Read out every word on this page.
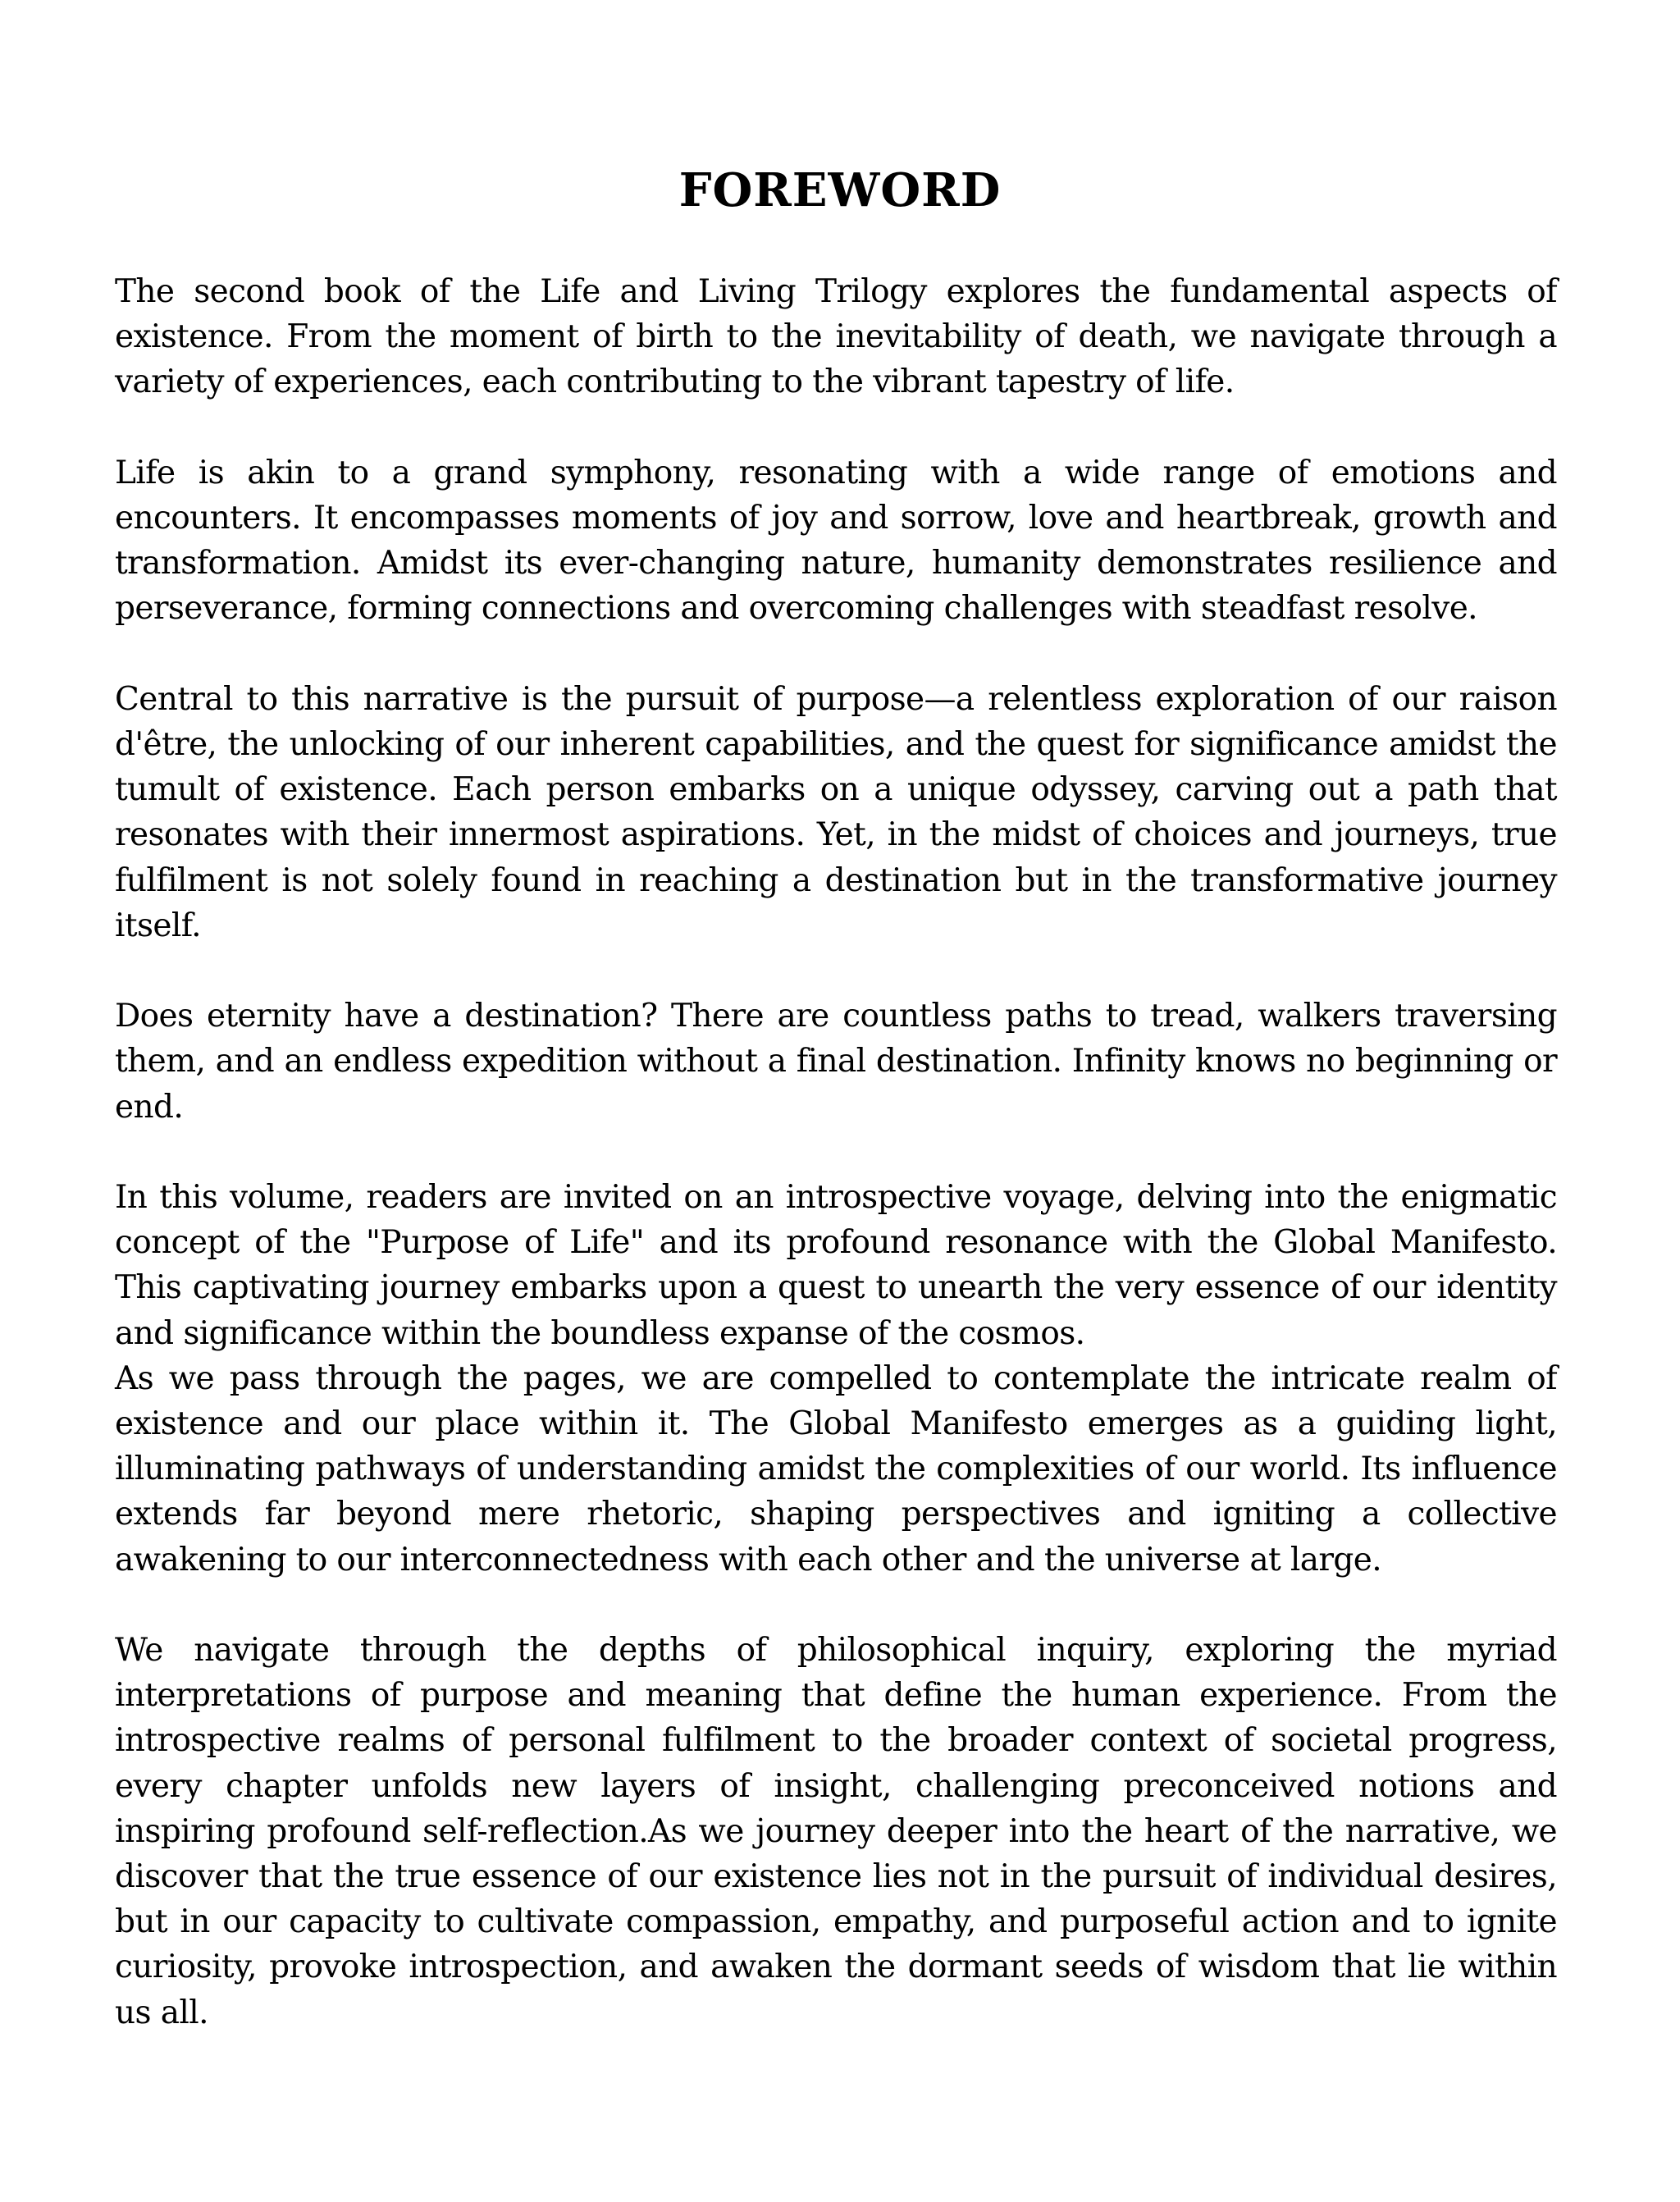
FOREWORD

The second book of the Life and Living Trilogy explores the fundamental aspects of existence. From the moment of birth to the inevitability of death, we navigate through a variety of experiences, each contributing to the vibrant tapestry of life.

Life is akin to a grand symphony, resonating with a wide range of emotions and encounters. It encompasses moments of joy and sorrow, love and heartbreak, growth and transformation. Amidst its ever-changing nature, humanity demonstrates resilience and perseverance, forming connections and overcoming challenges with steadfast resolve.

Central to this narrative is the pursuit of purpose—a relentless exploration of our raison d'être, the unlocking of our inherent capabilities, and the quest for significance amidst the tumult of existence. Each person embarks on a unique odyssey, carving out a path that resonates with their innermost aspirations. Yet, in the midst of choices and journeys, true fulfilment is not solely found in reaching a destination but in the transformative journey itself.

Does eternity have a destination? There are countless paths to tread, walkers traversing them, and an endless expedition without a final destination. Infinity knows no beginning or end.

In this volume, readers are invited on an introspective voyage, delving into the enigmatic concept of the "Purpose of Life" and its profound resonance with the Global Manifesto. This captivating journey embarks upon a quest to unearth the very essence of our identity and significance within the boundless expanse of the cosmos.

As we pass through the pages, we are compelled to contemplate the intricate realm of existence and our place within it. The Global Manifesto emerges as a guiding light, illuminating pathways of understanding amidst the complexities of our world. Its influence extends far beyond mere rhetoric, shaping perspectives and igniting a collective awakening to our interconnectedness with each other and the universe at large.

We navigate through the depths of philosophical inquiry, exploring the myriad interpretations of purpose and meaning that define the human experience. From the introspective realms of personal fulfilment to the broader context of societal progress, every chapter unfolds new layers of insight, challenging preconceived notions and inspiring profound self-reflection.As we journey deeper into the heart of the narrative, we discover that the true essence of our existence lies not in the pursuit of individual desires, but in our capacity to cultivate compassion, empathy, and purposeful action and to ignite curiosity, provoke introspection, and awaken the dormant seeds of wisdom that lie within us all.
